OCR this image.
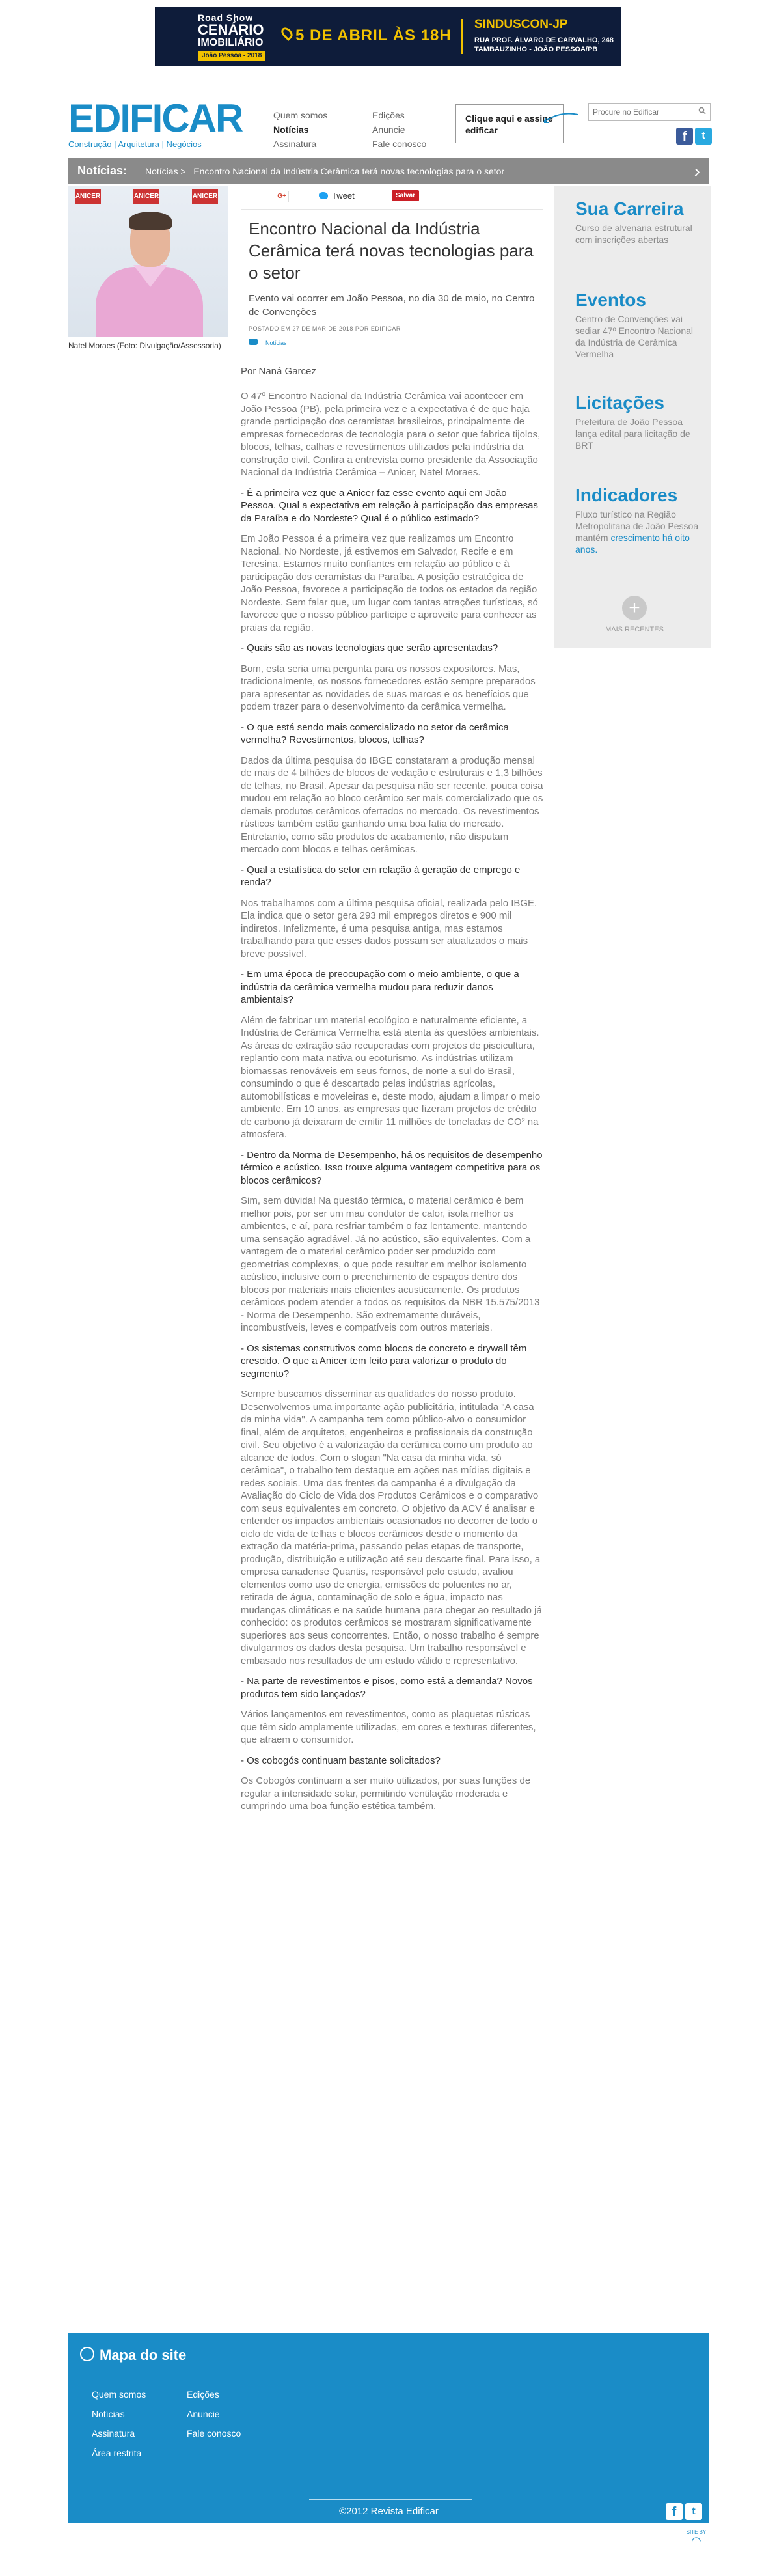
Road Show
CENÁRIO
IMOBILIÁRIO
João Pessoa - 2018
5 DE ABRIL ÀS 18H
SINDUSCON-JP
RUA PROF. ÁLVARO DE CARVALHO, 248
TAMBAUZINHO - JOÃO PESSOA/PB
EDIFICAR
Construção | Arquitetura | Negócios
Quem somos
Notícias
Assinatura
Edições
Anuncie
Fale conosco
Clique aqui e assine edificar
Procure no Edificar	f	t
Notícias: Notícias > Encontro Nacional da Indústria Cerâmica terá novas tecnologias para o setor	›
ANICER	ANICER	ANICER
Natel Moraes (Foto: Divulgação/Assessoria)
G+	Tweet	Salvar
Encontro Nacional da Indústria Cerâmica terá novas tecnologias para o setor
Evento vai ocorrer em João Pessoa, no dia 30 de maio, no Centro de Convenções
POSTADO EM 27 DE MAR DE 2018 POR EDIFICAR
Notícias
Por Naná Garcez

O 47º Encontro Nacional da Indústria Cerâmica vai acontecer em João Pessoa (PB), pela primeira vez e a expectativa é de que haja grande participação dos ceramistas brasileiros, principalmente de empresas fornecedoras de tecnologia para o setor que fabrica tijolos, blocos, telhas, calhas e revestimentos utilizados pela indústria da construção civil. Confira a entrevista como presidente da Associação Nacional da Indústria Cerâmica – Anicer, Natel Moraes.

- É a primeira vez que a Anicer faz esse evento aqui em João Pessoa. Qual a expectativa em relação à participação das empresas da Paraíba e do Nordeste? Qual é o público estimado?

Em João Pessoa é a primeira vez que realizamos um Encontro Nacional. No Nordeste, já estivemos em Salvador, Recife e em Teresina. Estamos muito confiantes em relação ao público e à participação dos ceramistas da Paraíba. A posição estratégica de João Pessoa, favorece a participação de todos os estados da região Nordeste. Sem falar que, um lugar com tantas atrações turísticas, só favorece que o nosso público participe e aproveite para conhecer as praias da região.

- Quais são as novas tecnologias que serão apresentadas?

Bom, esta seria uma pergunta para os nossos expositores. Mas, tradicionalmente, os nossos fornecedores estão sempre preparados para apresentar as novidades de suas marcas e os benefícios que podem trazer para o desenvolvimento da cerâmica vermelha.

- O que está sendo mais comercializado no setor da cerâmica vermelha? Revestimentos, blocos, telhas?

Dados da última pesquisa do IBGE constataram a produção mensal de mais de 4 bilhões de blocos de vedação e estruturais e 1,3 bilhões de telhas, no Brasil. Apesar da pesquisa não ser recente, pouca coisa mudou em relação ao bloco cerâmico ser mais comercializado que os demais produtos cerâmicos ofertados no mercado. Os revestimentos rústicos também estão ganhando uma boa fatia do mercado. Entretanto, como são produtos de acabamento, não disputam mercado com blocos e telhas cerâmicas.

- Qual a estatística do setor em relação à geração de emprego e renda?

Nos trabalhamos com a última pesquisa oficial, realizada pelo IBGE. Ela indica que o setor gera 293 mil empregos diretos e 900 mil indiretos. Infelizmente, é uma pesquisa antiga, mas estamos trabalhando para que esses dados possam ser atualizados o mais breve possível.

- Em uma época de preocupação com o meio ambiente, o que a indústria da cerâmica vermelha mudou para reduzir danos ambientais?

Além de fabricar um material ecológico e naturalmente eficiente, a Indústria de Cerâmica Vermelha está atenta às questões ambientais. As áreas de extração são recuperadas com projetos de piscicultura, replantio com mata nativa ou ecoturismo. As indústrias utilizam biomassas renováveis em seus fornos, de norte a sul do Brasil, consumindo o que é descartado pelas indústrias agrícolas, automobilísticas e moveleiras e, deste modo, ajudam a limpar o meio ambiente. Em 10 anos, as empresas que fizeram projetos de crédito de carbono já deixaram de emitir 11 milhões de toneladas de CO² na atmosfera.

- Dentro da Norma de Desempenho, há os requisitos de desempenho térmico e acústico. Isso trouxe alguma vantagem competitiva para os blocos cerâmicos?

Sim, sem dúvida! Na questão térmica, o material cerâmico é bem melhor pois, por ser um mau condutor de calor, isola melhor os ambientes, e aí, para resfriar também o faz lentamente, mantendo uma sensação agradável. Já no acústico, são equivalentes. Com a vantagem de o material cerâmico poder ser produzido com geometrias complexas, o que pode resultar em melhor isolamento acústico, inclusive com o preenchimento de espaços dentro dos blocos por materiais mais eficientes acusticamente. Os produtos cerâmicos podem atender a todos os requisitos da NBR 15.575/2013 - Norma de Desempenho. São extremamente duráveis, incombustíveis, leves e compatíveis com outros materiais.

- Os sistemas construtivos como blocos de concreto e drywall têm crescido. O que a Anicer tem feito para valorizar o produto do segmento?

Sempre buscamos disseminar as qualidades do nosso produto. Desenvolvemos uma importante ação publicitária, intitulada "A casa da minha vida". A campanha tem como público-alvo o consumidor final, além de arquitetos, engenheiros e profissionais da construção civil. Seu objetivo é a valorização da cerâmica como um produto ao alcance de todos. Com o slogan "Na casa da minha vida, só cerâmica", o trabalho tem destaque em ações nas mídias digitais e redes sociais. Uma das frentes da campanha é a divulgação da Avaliação do Ciclo de Vida dos Produtos Cerâmicos e o comparativo com seus equivalentes em concreto. O objetivo da ACV é analisar e entender os impactos ambientais ocasionados no decorrer de todo o ciclo de vida de telhas e blocos cerâmicos desde o momento da extração da matéria-prima, passando pelas etapas de transporte, produção, distribuição e utilização até seu descarte final. Para isso, a empresa canadense Quantis, responsável pelo estudo, avaliou elementos como uso de energia, emissões de poluentes no ar, retirada de água, contaminação de solo e água, impacto nas mudanças climáticas e na saúde humana para chegar ao resultado já conhecido: os produtos cerâmicos se mostraram significativamente superiores aos seus concorrentes. Então, o nosso trabalho é sempre divulgarmos os dados desta pesquisa. Um trabalho responsável e embasado nos resultados de um estudo válido e representativo.

- Na parte de revestimentos e pisos, como está a demanda? Novos produtos tem sido lançados?

Vários lançamentos em revestimentos, como as plaquetas rústicas que têm sido amplamente utilizadas, em cores e texturas diferentes, que atraem o consumidor.

- Os cobogós continuam bastante solicitados?

Os Cobogós continuam a ser muito utilizados, por suas funções de regular a intensidade solar, permitindo ventilação moderada e cumprindo uma boa função estética também.

Sua Carreira
Curso de alvenaria estrutural com inscrições abertas
Eventos
Centro de Convenções vai sediar 47º Encontro Nacional da Indústria de Cerâmica Vermelha
Licitações
Prefeitura de João Pessoa lança edital para licitação de BRT
Indicadores
Fluxo turístico na Região Metropolitana de João Pessoa mantém crescimento há oito anos.
+
MAIS RECENTES
Mapa do site
Quem somos
Notícias
Assinatura
Área restrita
Edições
Anuncie
Fale conosco
©2012 Revista Edificar	f	t
SITE BY
◠
